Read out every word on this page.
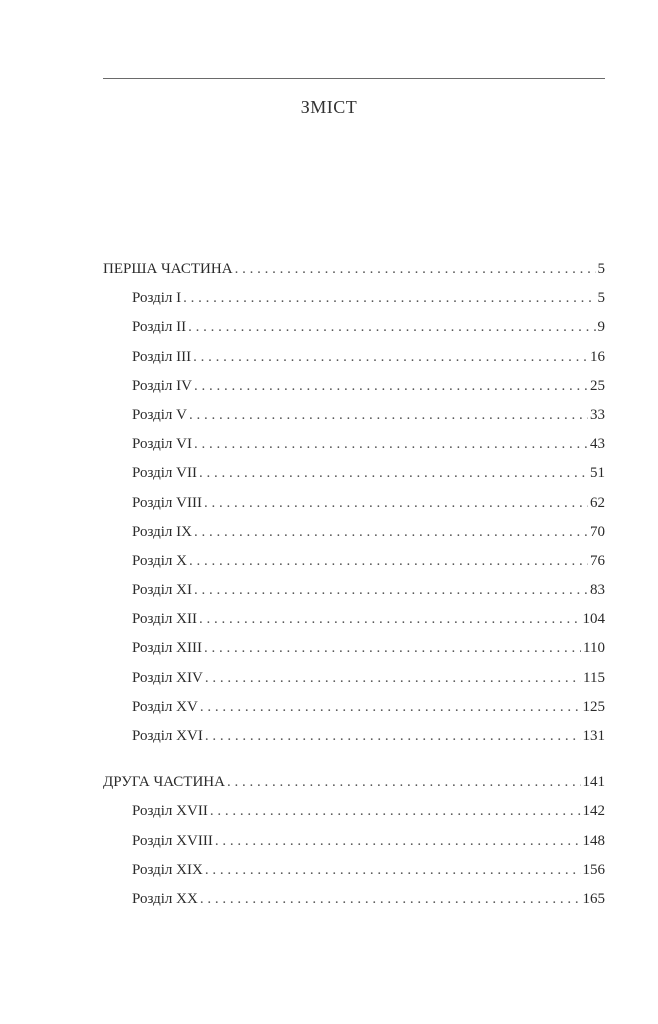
ЗМІСТ
ПЕРША ЧАСТИНА . . .	5
Розділ I . . .	5
Розділ II . . .	9
Розділ III . . .	16
Розділ IV . . .	25
Розділ V . . .	33
Розділ VI . . .	43
Розділ VII . . .	51
Розділ VIII . . .	62
Розділ IX . . .	70
Розділ X . . .	76
Розділ XI . . .	83
Розділ XII . . .	104
Розділ XIII . . .	110
Розділ XIV . . .	115
Розділ XV . . .	125
Розділ XVI . . .	131
ДРУГА ЧАСТИНА . . .	141
Розділ XVII . . .	142
Розділ XVIII . . .	148
Розділ XIX . . .	156
Розділ XX . . .	165
